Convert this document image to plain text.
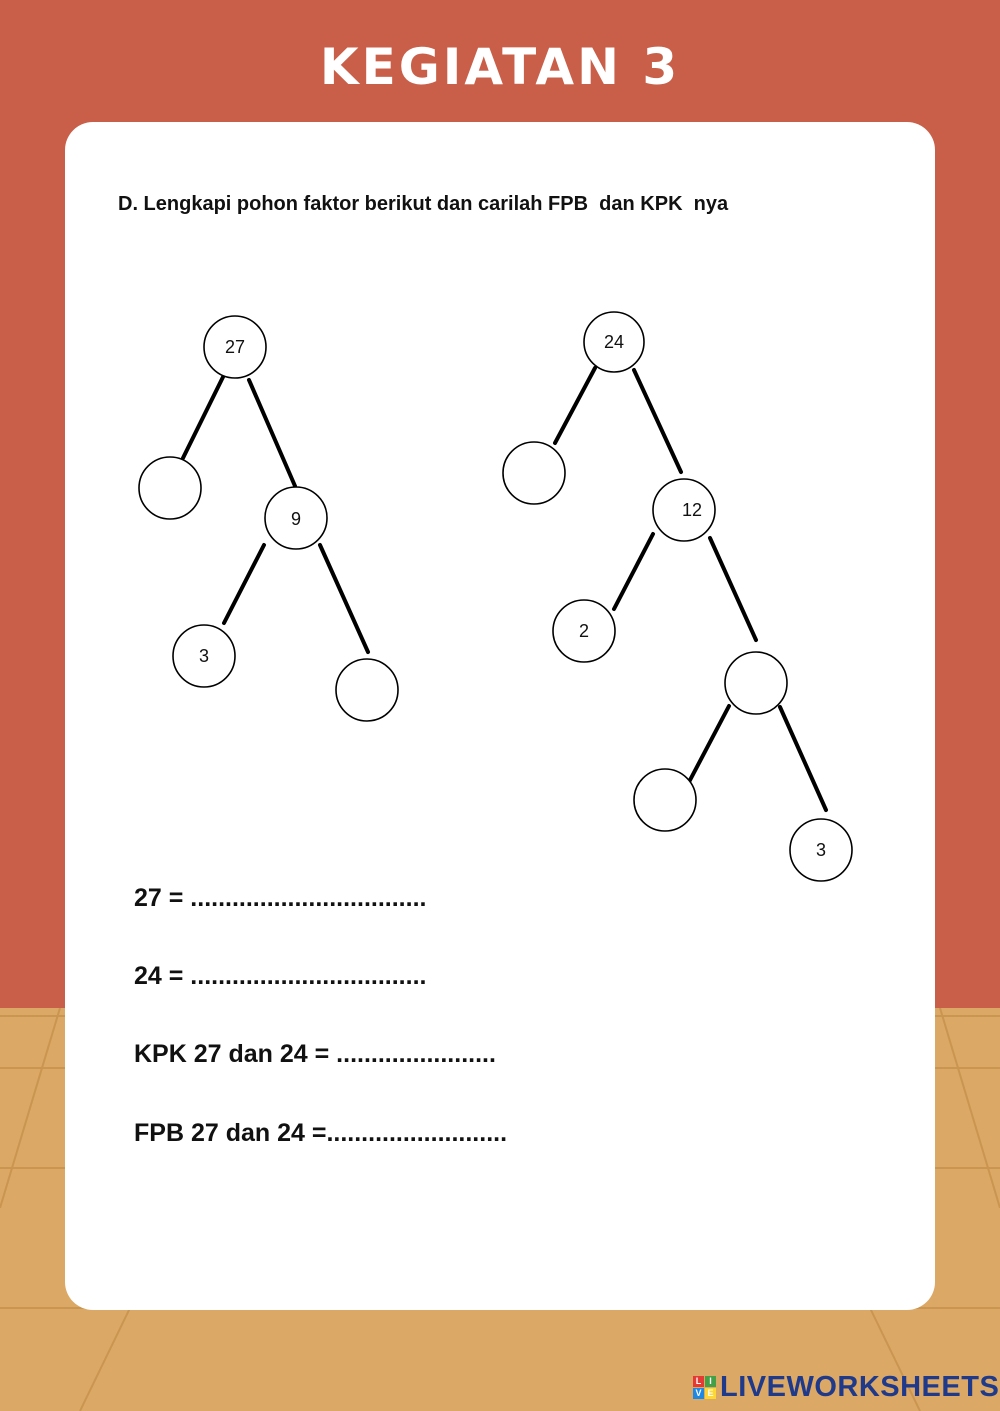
KEGIATAN 3
D. Lengkapi pohon faktor berikut dan carilah FPB  dan KPK  nya
27
9
3
24
12
2
3
27 = ..................................
24 = ..................................
KPK 27 dan 24 = .......................
FPB 27 dan 24 =..........................
L I
V E LIVEWORKSHEETS
